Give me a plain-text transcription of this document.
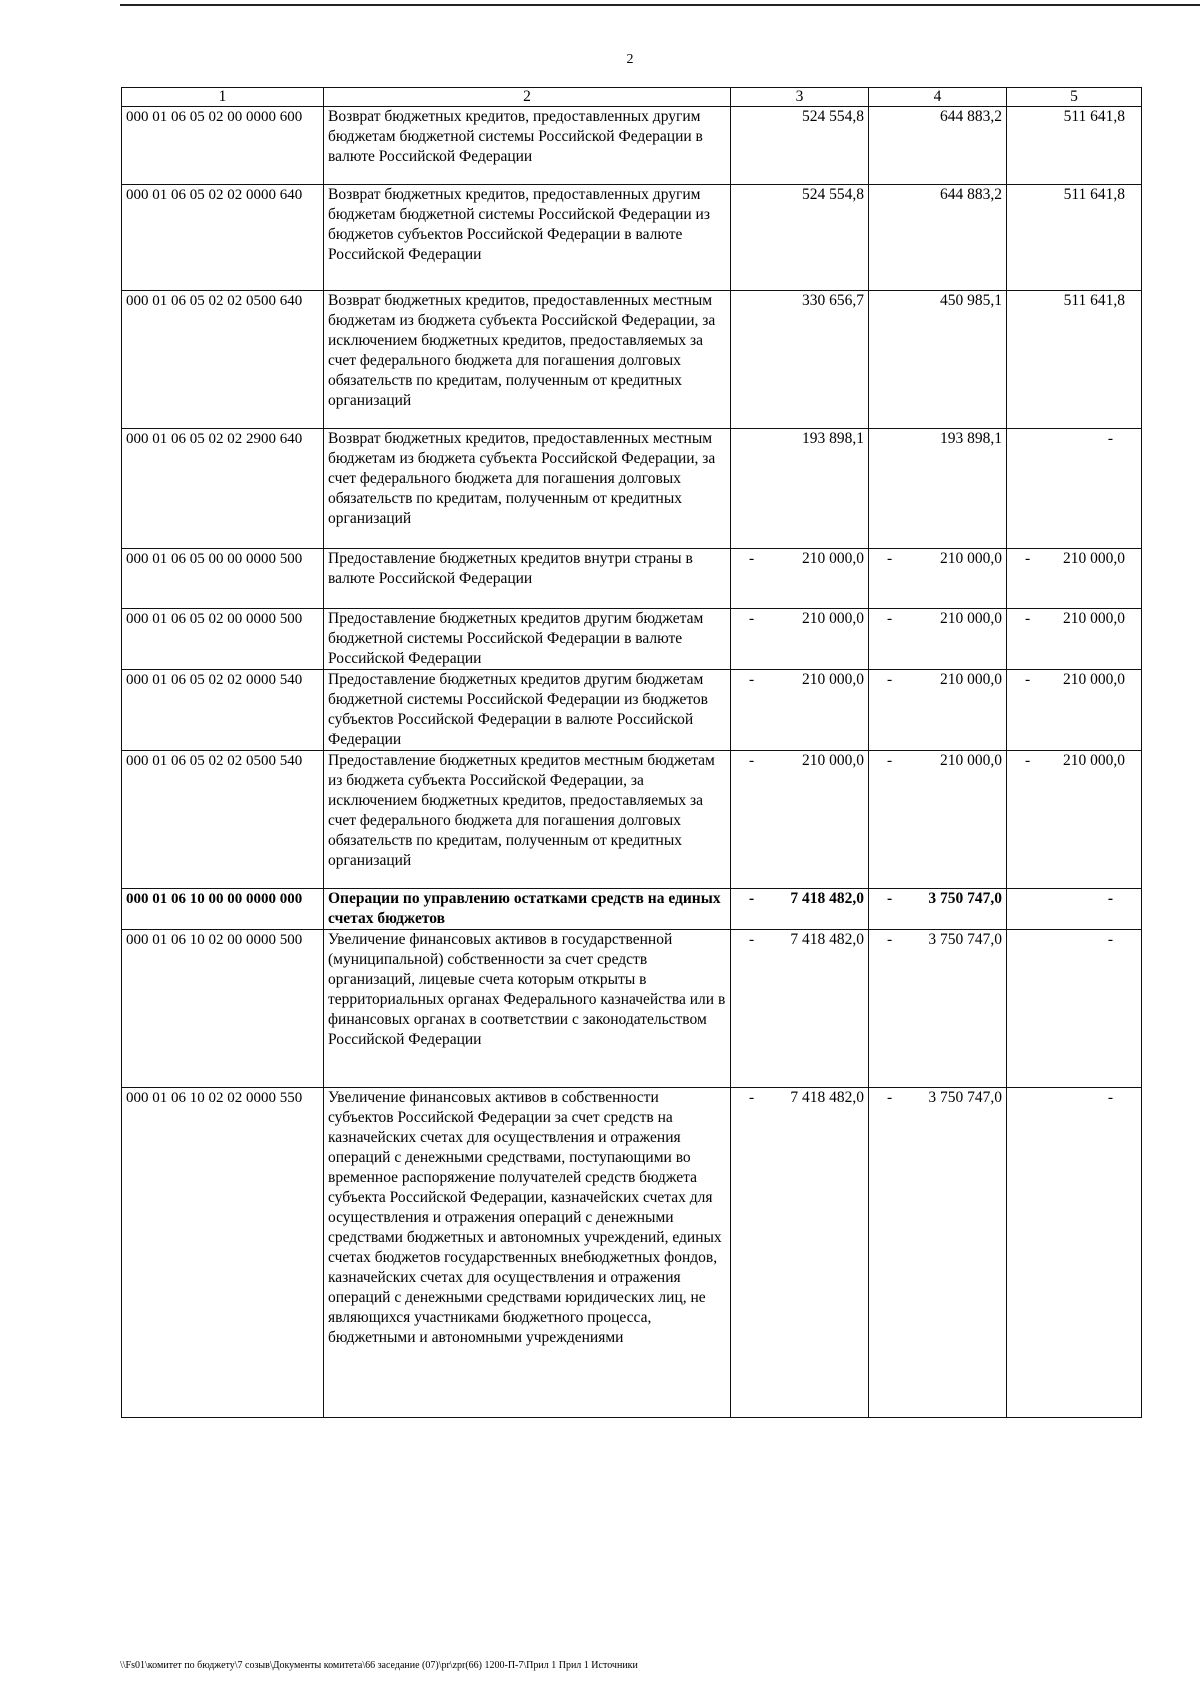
2
1	2	3	4	5
000 01 06 05 02 00 0000 600	Возврат бюджетных кредитов, предоставленных другим бюджетам бюджетной системы Российской Федерации в валюте Российской Федерации	524 554,8	644 883,2	511 641,8
000 01 06 05 02 02 0000 640	Возврат бюджетных кредитов, предоставленных другим бюджетам бюджетной системы Российской Федерации из бюджетов субъектов Российской Федерации в валюте Российской Федерации	524 554,8	644 883,2	511 641,8
000 01 06 05 02 02 0500 640	Возврат бюджетных кредитов, предоставленных местным бюджетам из бюджета субъекта Российской Федерации, за исключением бюджетных кредитов, предоставляемых за счет федерального бюджета для погашения долговых обязательств по кредитам, полученным от кредитных организаций	330 656,7	450 985,1	511 641,8
000 01 06 05 02 02 2900 640	Возврат бюджетных кредитов, предоставленных местным бюджетам из бюджета субъекта Российской Федерации, за счет федерального бюджета для погашения долговых обязательств по кредитам, полученным от кредитных организаций	193 898,1	193 898,1	-
000 01 06 05 00 00 0000 500	Предоставление бюджетных кредитов внутри страны в валюте Российской Федерации	- 210 000,0	- 210 000,0	- 210 000,0
000 01 06 05 02 00 0000 500	Предоставление бюджетных кредитов другим бюджетам бюджетной системы Российской Федерации в валюте Российской Федерации	- 210 000,0	- 210 000,0	- 210 000,0
000 01 06 05 02 02 0000 540	Предоставление бюджетных кредитов другим бюджетам бюджетной системы Российской Федерации из бюджетов субъектов Российской Федерации в валюте Российской Федерации	- 210 000,0	- 210 000,0	- 210 000,0
000 01 06 05 02 02 0500 540	Предоставление бюджетных кредитов местным бюджетам из бюджета субъекта Российской Федерации, за исключением бюджетных кредитов, предоставляемых за счет федерального бюджета для погашения долговых обязательств по кредитам, полученным от кредитных организаций	- 210 000,0	- 210 000,0	- 210 000,0
000 01 06 10 00 00 0000 000	Операции по управлению остатками средств на единых счетах бюджетов	- 7 418 482,0	- 3 750 747,0	-
000 01 06 10 02 00 0000 500	Увеличение финансовых активов в государственной (муниципальной) собственности за счет средств организаций, лицевые счета которым открыты в территориальных органах Федерального казначейства или в финансовых органах в соответствии с законодательством Российской Федерации	- 7 418 482,0	- 3 750 747,0	-
000 01 06 10 02 02 0000 550	Увеличение финансовых активов в собственности субъектов Российской Федерации за счет средств на казначейских счетах для осуществления и отражения операций с денежными средствами, поступающими во временное распоряжение получателей средств бюджета субъекта Российской Федерации, казначейских счетах для осуществления и отражения операций с денежными средствами бюджетных и автономных учреждений, единых счетах бюджетов государственных внебюджетных фондов, казначейских счетах для осуществления и отражения операций с денежными средствами юридических лиц, не являющихся участниками бюджетного процесса, бюджетными и автономными учреждениями	- 7 418 482,0	- 3 750 747,0	-
\\Fs01\комитет по бюджету\7 созыв\Документы комитета\66 заседание (07)\pr\zpr(66) 1200-П-7\Прил 1 Прил 1 Источники
